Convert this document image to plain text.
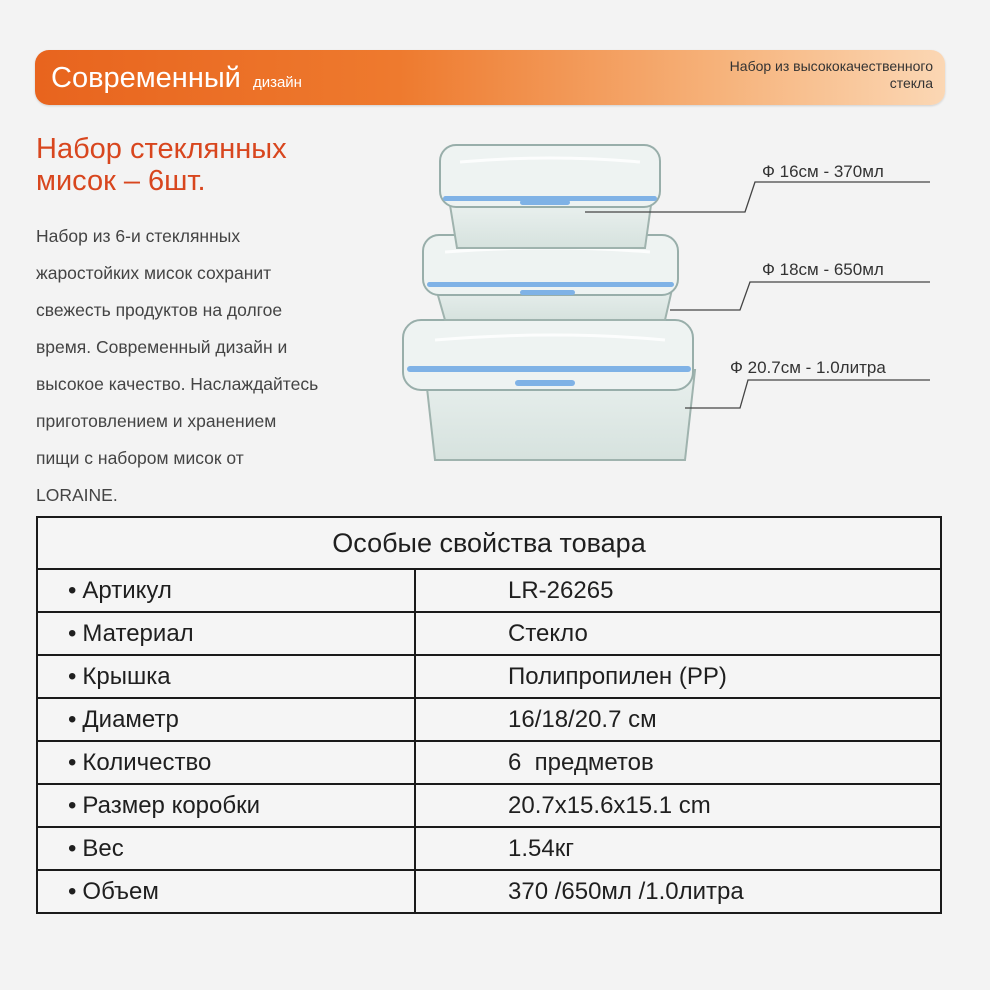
Современный дизайн
Набор из высококачественного
стекла
Набор стеклянных
мисок – 6шт.

Набор из 6-и стеклянных

жаростойких мисок сохранит

свежесть продуктов на долгое

время. Современный дизайн и

высокое качество. Наслаждайтесь

приготовлением и хранением

пищи с набором мисок от

LORAINE.

Ф 16см - 370мл
Ф 18см - 650мл
Ф 20.7см - 1.0литра
Особые свойства товара	
• Артикул	LR-26265
• Материал	Стекло
• Крышка	Полипропилен (PP)
• Диаметр	16/18/20.7 см
• Количество	6  предметов
• Размер коробки	20.7x15.6x15.1 cm
• Вес	1.54кг
• Объем	370 /650мл /1.0литра
